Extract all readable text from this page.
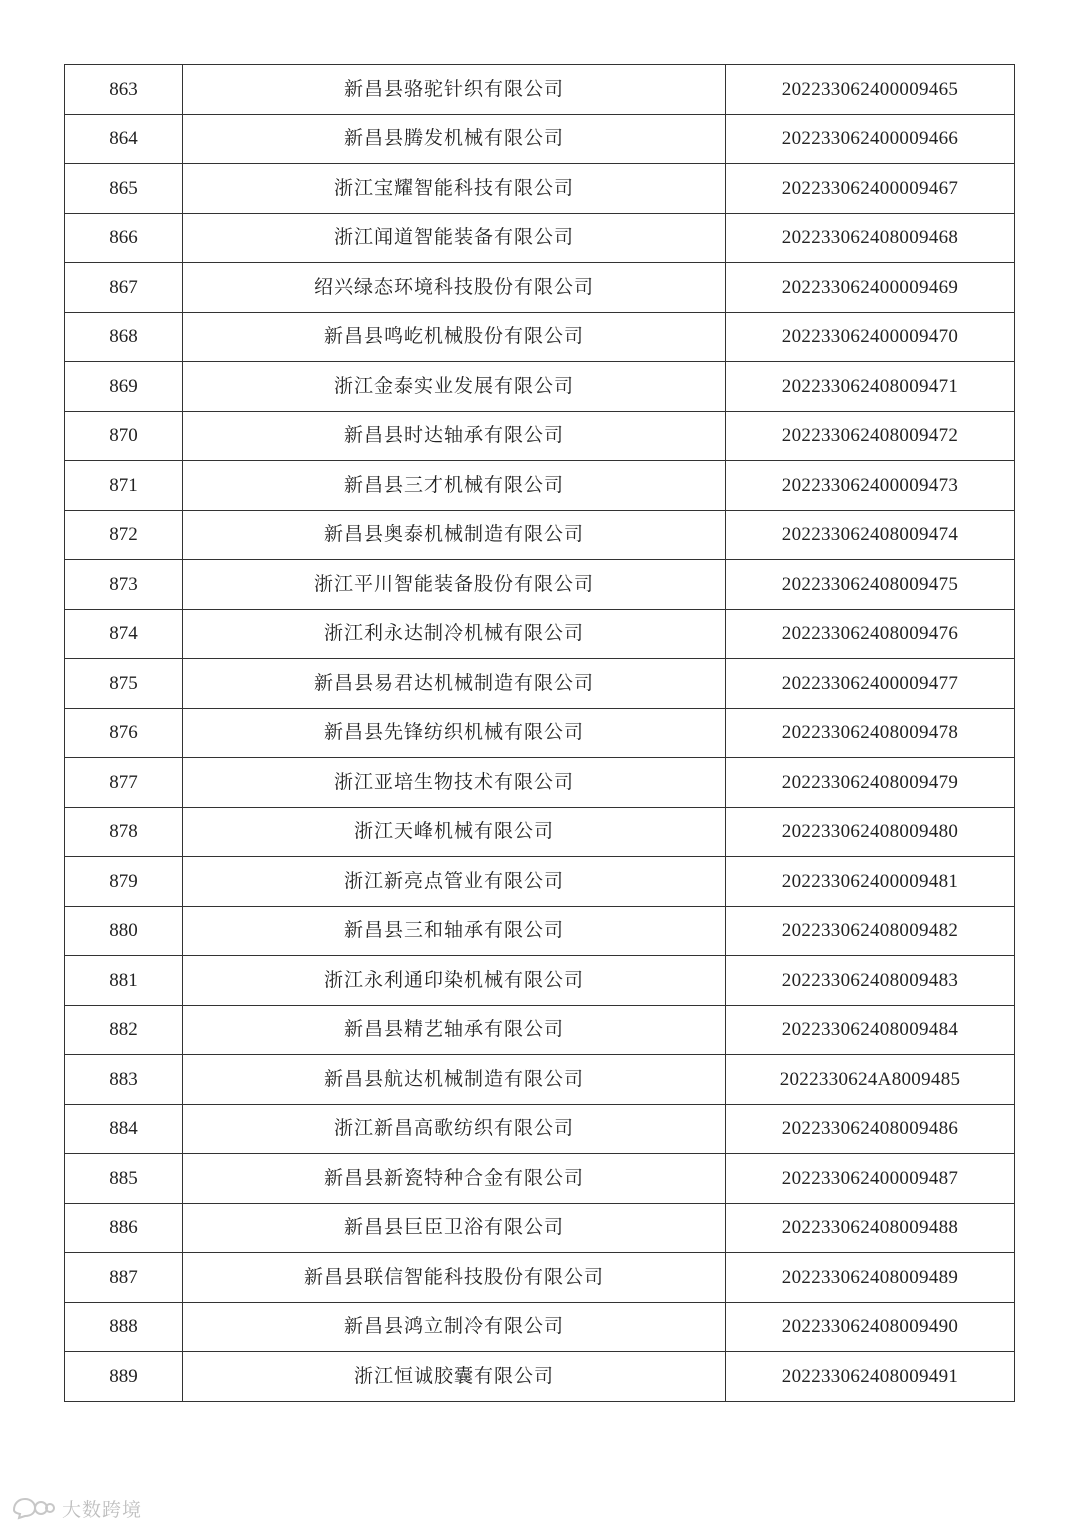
863	新昌县骆驼针织有限公司	202233062400009465
864	新昌县腾发机械有限公司	202233062400009466
865	浙江宝耀智能科技有限公司	202233062400009467
866	浙江闻道智能装备有限公司	202233062408009468
867	绍兴绿态环境科技股份有限公司	202233062400009469
868	新昌县鸣屹机械股份有限公司	202233062400009470
869	浙江金泰实业发展有限公司	202233062408009471
870	新昌县时达轴承有限公司	202233062408009472
871	新昌县三才机械有限公司	202233062400009473
872	新昌县奥泰机械制造有限公司	202233062408009474
873	浙江平川智能装备股份有限公司	202233062408009475
874	浙江利永达制冷机械有限公司	202233062408009476
875	新昌县易君达机械制造有限公司	202233062400009477
876	新昌县先锋纺织机械有限公司	202233062408009478
877	浙江亚培生物技术有限公司	202233062408009479
878	浙江天峰机械有限公司	202233062408009480
879	浙江新亮点管业有限公司	202233062400009481
880	新昌县三和轴承有限公司	202233062408009482
881	浙江永利通印染机械有限公司	202233062408009483
882	新昌县精艺轴承有限公司	202233062408009484
883	新昌县航达机械制造有限公司	2022330624A8009485
884	浙江新昌高歌纺织有限公司	202233062408009486
885	新昌县新瓷特种合金有限公司	202233062400009487
886	新昌县巨臣卫浴有限公司	202233062408009488
887	新昌县联信智能科技股份有限公司	202233062408009489
888	新昌县鸿立制冷有限公司	202233062408009490
889	浙江恒诚胶囊有限公司	202233062408009491
大数跨境
